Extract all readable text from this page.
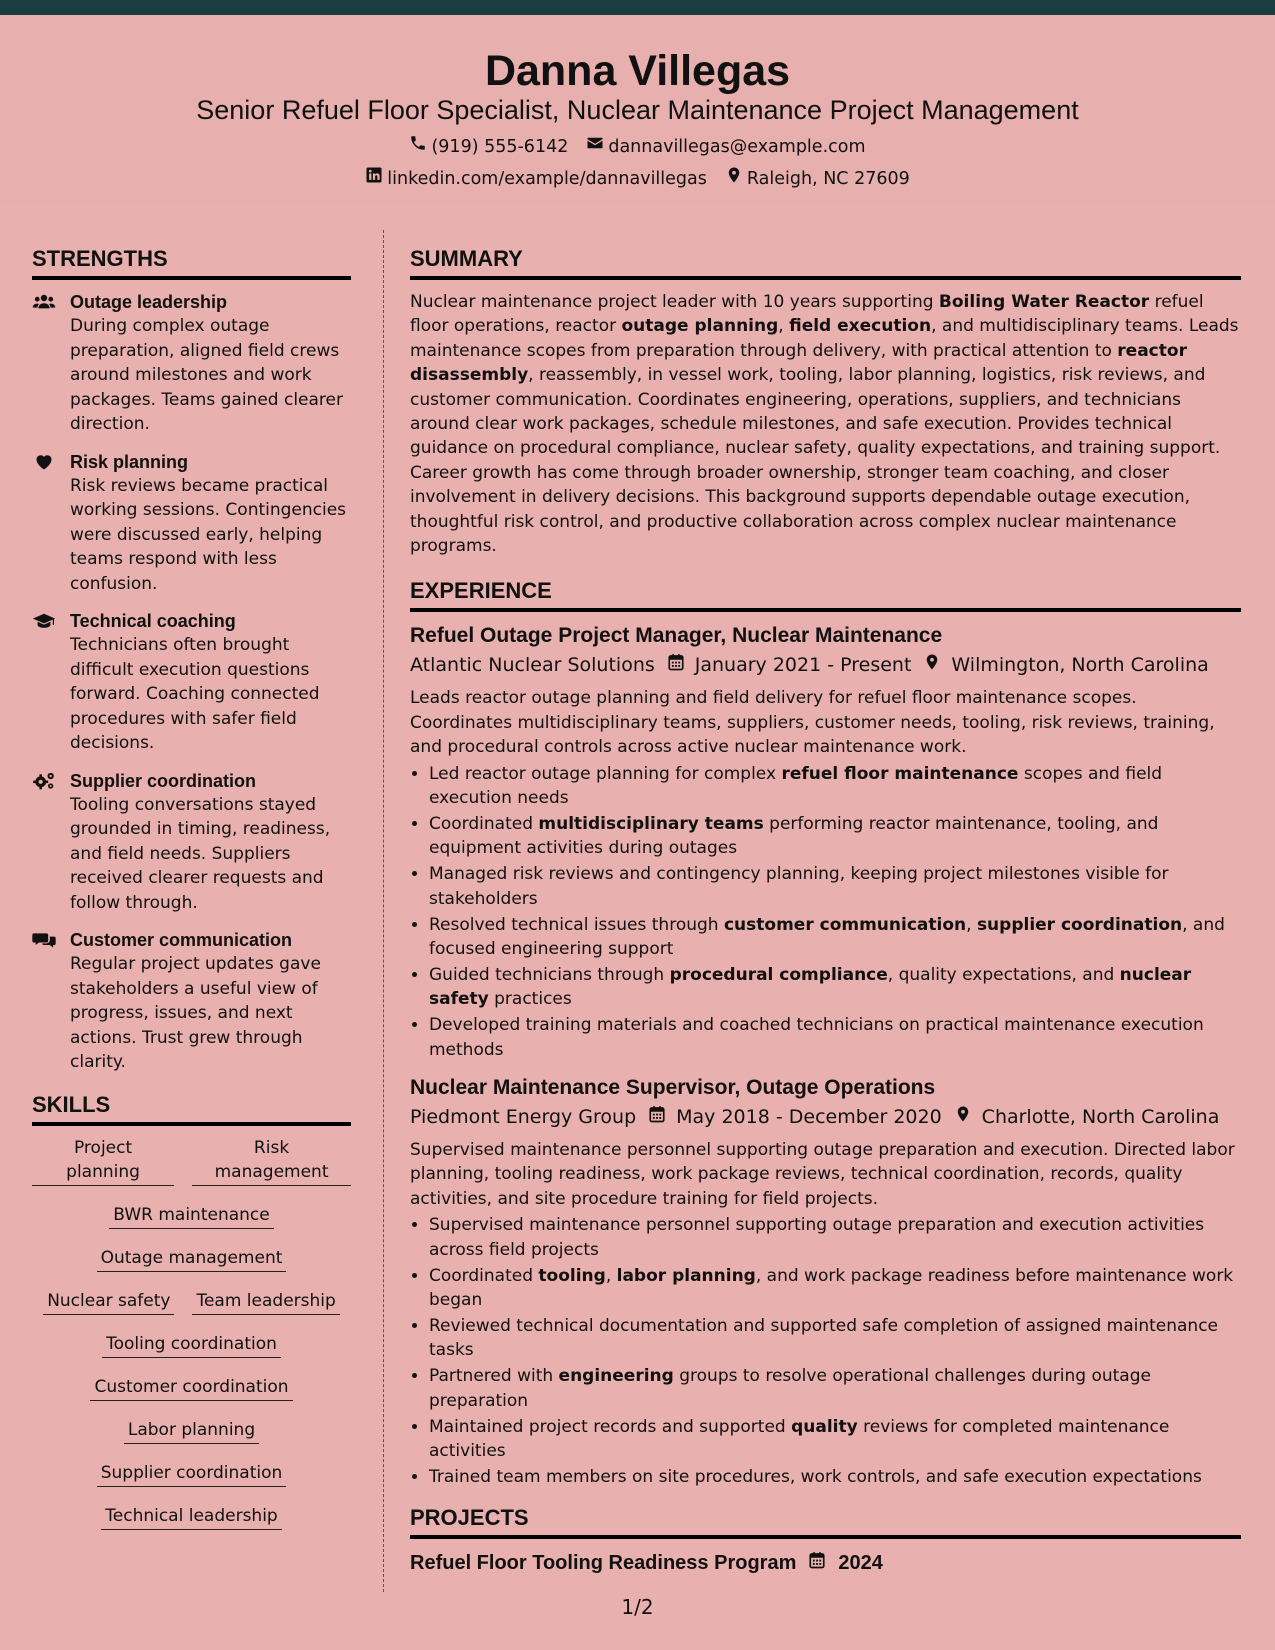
Danna Villegas
Senior Refuel Floor Specialist, Nuclear Maintenance Project Management
(919) 555-6142 dannavillegas@example.com
linkedin.com/example/dannavillegas Raleigh, NC 27609
STRENGTHS
Outage leadership
During complex outage preparation, aligned field crews around milestones and work packages. Teams gained clearer direction.
Risk planning
Risk reviews became practical working sessions. Contingencies were discussed early, helping teams respond with less confusion.
Technical coaching
Technicians often brought difficult execution questions forward. Coaching connected procedures with safer field decisions.
Supplier coordination
Tooling conversations stayed grounded in timing, readiness, and field needs. Suppliers received clearer requests and follow through.
Customer communication
Regular project updates gave stakeholders a useful view of progress, issues, and next actions. Trust grew through clarity.
SKILLS
Project planning
Risk management
BWR maintenance
Outage management
Nuclear safety Team leadership
Tooling coordination
Customer coordination
Labor planning
Supplier coordination
Technical leadership
SUMMARY
Nuclear maintenance project leader with 10 years supporting Boiling Water Reactor refuel floor operations, reactor outage planning, field execution, and multidisciplinary teams. Leads maintenance scopes from preparation through delivery, with practical attention to reactor disassembly, reassembly, in vessel work, tooling, labor planning, logistics, risk reviews, and customer communication. Coordinates engineering, operations, suppliers, and technicians around clear work packages, schedule milestones, and safe execution. Provides technical guidance on procedural compliance, nuclear safety, quality expectations, and training support. Career growth has come through broader ownership, stronger team coaching, and closer involvement in delivery decisions. This background supports dependable outage execution, thoughtful risk control, and productive collaboration across complex nuclear maintenance programs.
EXPERIENCE
Refuel Outage Project Manager, Nuclear Maintenance
Atlantic Nuclear Solutions January 2021 - Present Wilmington, North Carolina
Leads reactor outage planning and field delivery for refuel floor maintenance scopes. Coordinates multidisciplinary teams, suppliers, customer needs, tooling, risk reviews, training, and procedural controls across active nuclear maintenance work.
• Led reactor outage planning for complex refuel floor maintenance scopes and field execution needs
• Coordinated multidisciplinary teams performing reactor maintenance, tooling, and equipment activities during outages
• Managed risk reviews and contingency planning, keeping project milestones visible for stakeholders
• Resolved technical issues through customer communication, supplier coordination, and focused engineering support
• Guided technicians through procedural compliance, quality expectations, and nuclear safety practices
• Developed training materials and coached technicians on practical maintenance execution methods
Nuclear Maintenance Supervisor, Outage Operations
Piedmont Energy Group May 2018 - December 2020 Charlotte, North Carolina
Supervised maintenance personnel supporting outage preparation and execution. Directed labor planning, tooling readiness, work package reviews, technical coordination, records, quality activities, and site procedure training for field projects.
• Supervised maintenance personnel supporting outage preparation and execution activities across field projects
• Coordinated tooling, labor planning, and work package readiness before maintenance work began
• Reviewed technical documentation and supported safe completion of assigned maintenance tasks
• Partnered with engineering groups to resolve operational challenges during outage preparation
• Maintained project records and supported quality reviews for completed maintenance activities
• Trained team members on site procedures, work controls, and safe execution expectations
PROJECTS
Refuel Floor Tooling Readiness Program 2024
1/2
